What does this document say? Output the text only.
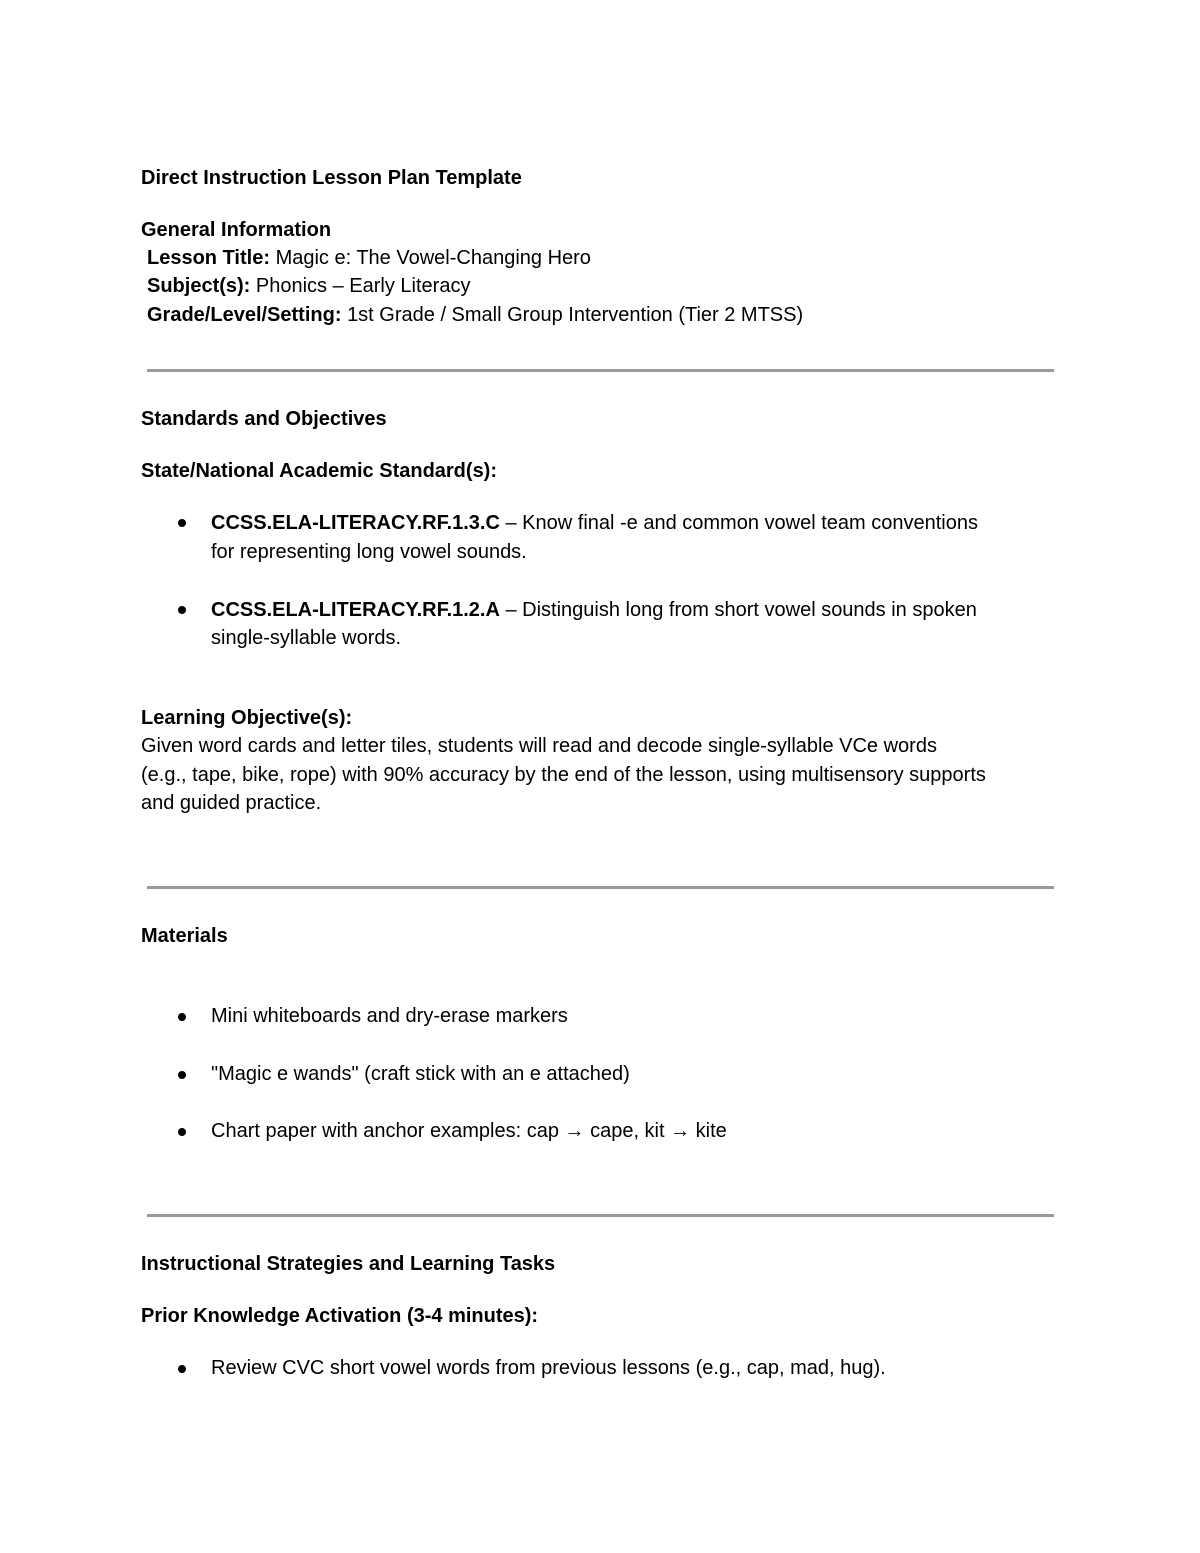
Direct Instruction Lesson Plan Template
General Information
Lesson Title: Magic e: The Vowel-Changing Hero
Subject(s): Phonics – Early Literacy
Grade/Level/Setting: 1st Grade / Small Group Intervention (Tier 2 MTSS)
Standards and Objectives
State/National Academic Standard(s):
CCSS.ELA-LITERACY.RF.1.3.C – Know final -e and common vowel team conventions
for representing long vowel sounds.
CCSS.ELA-LITERACY.RF.1.2.A – Distinguish long from short vowel sounds in spoken
single-syllable words.
Learning Objective(s):
Given word cards and letter tiles, students will read and decode single-syllable VCe words
(e.g., tape, bike, rope) with 90% accuracy by the end of the lesson, using multisensory supports
and guided practice.
Materials
Mini whiteboards and dry-erase markers
"Magic e wands" (craft stick with an e attached)
Chart paper with anchor examples: cap → cape, kit → kite
Instructional Strategies and Learning Tasks
Prior Knowledge Activation (3-4 minutes):
Review CVC short vowel words from previous lessons (e.g., cap, mad, hug).
